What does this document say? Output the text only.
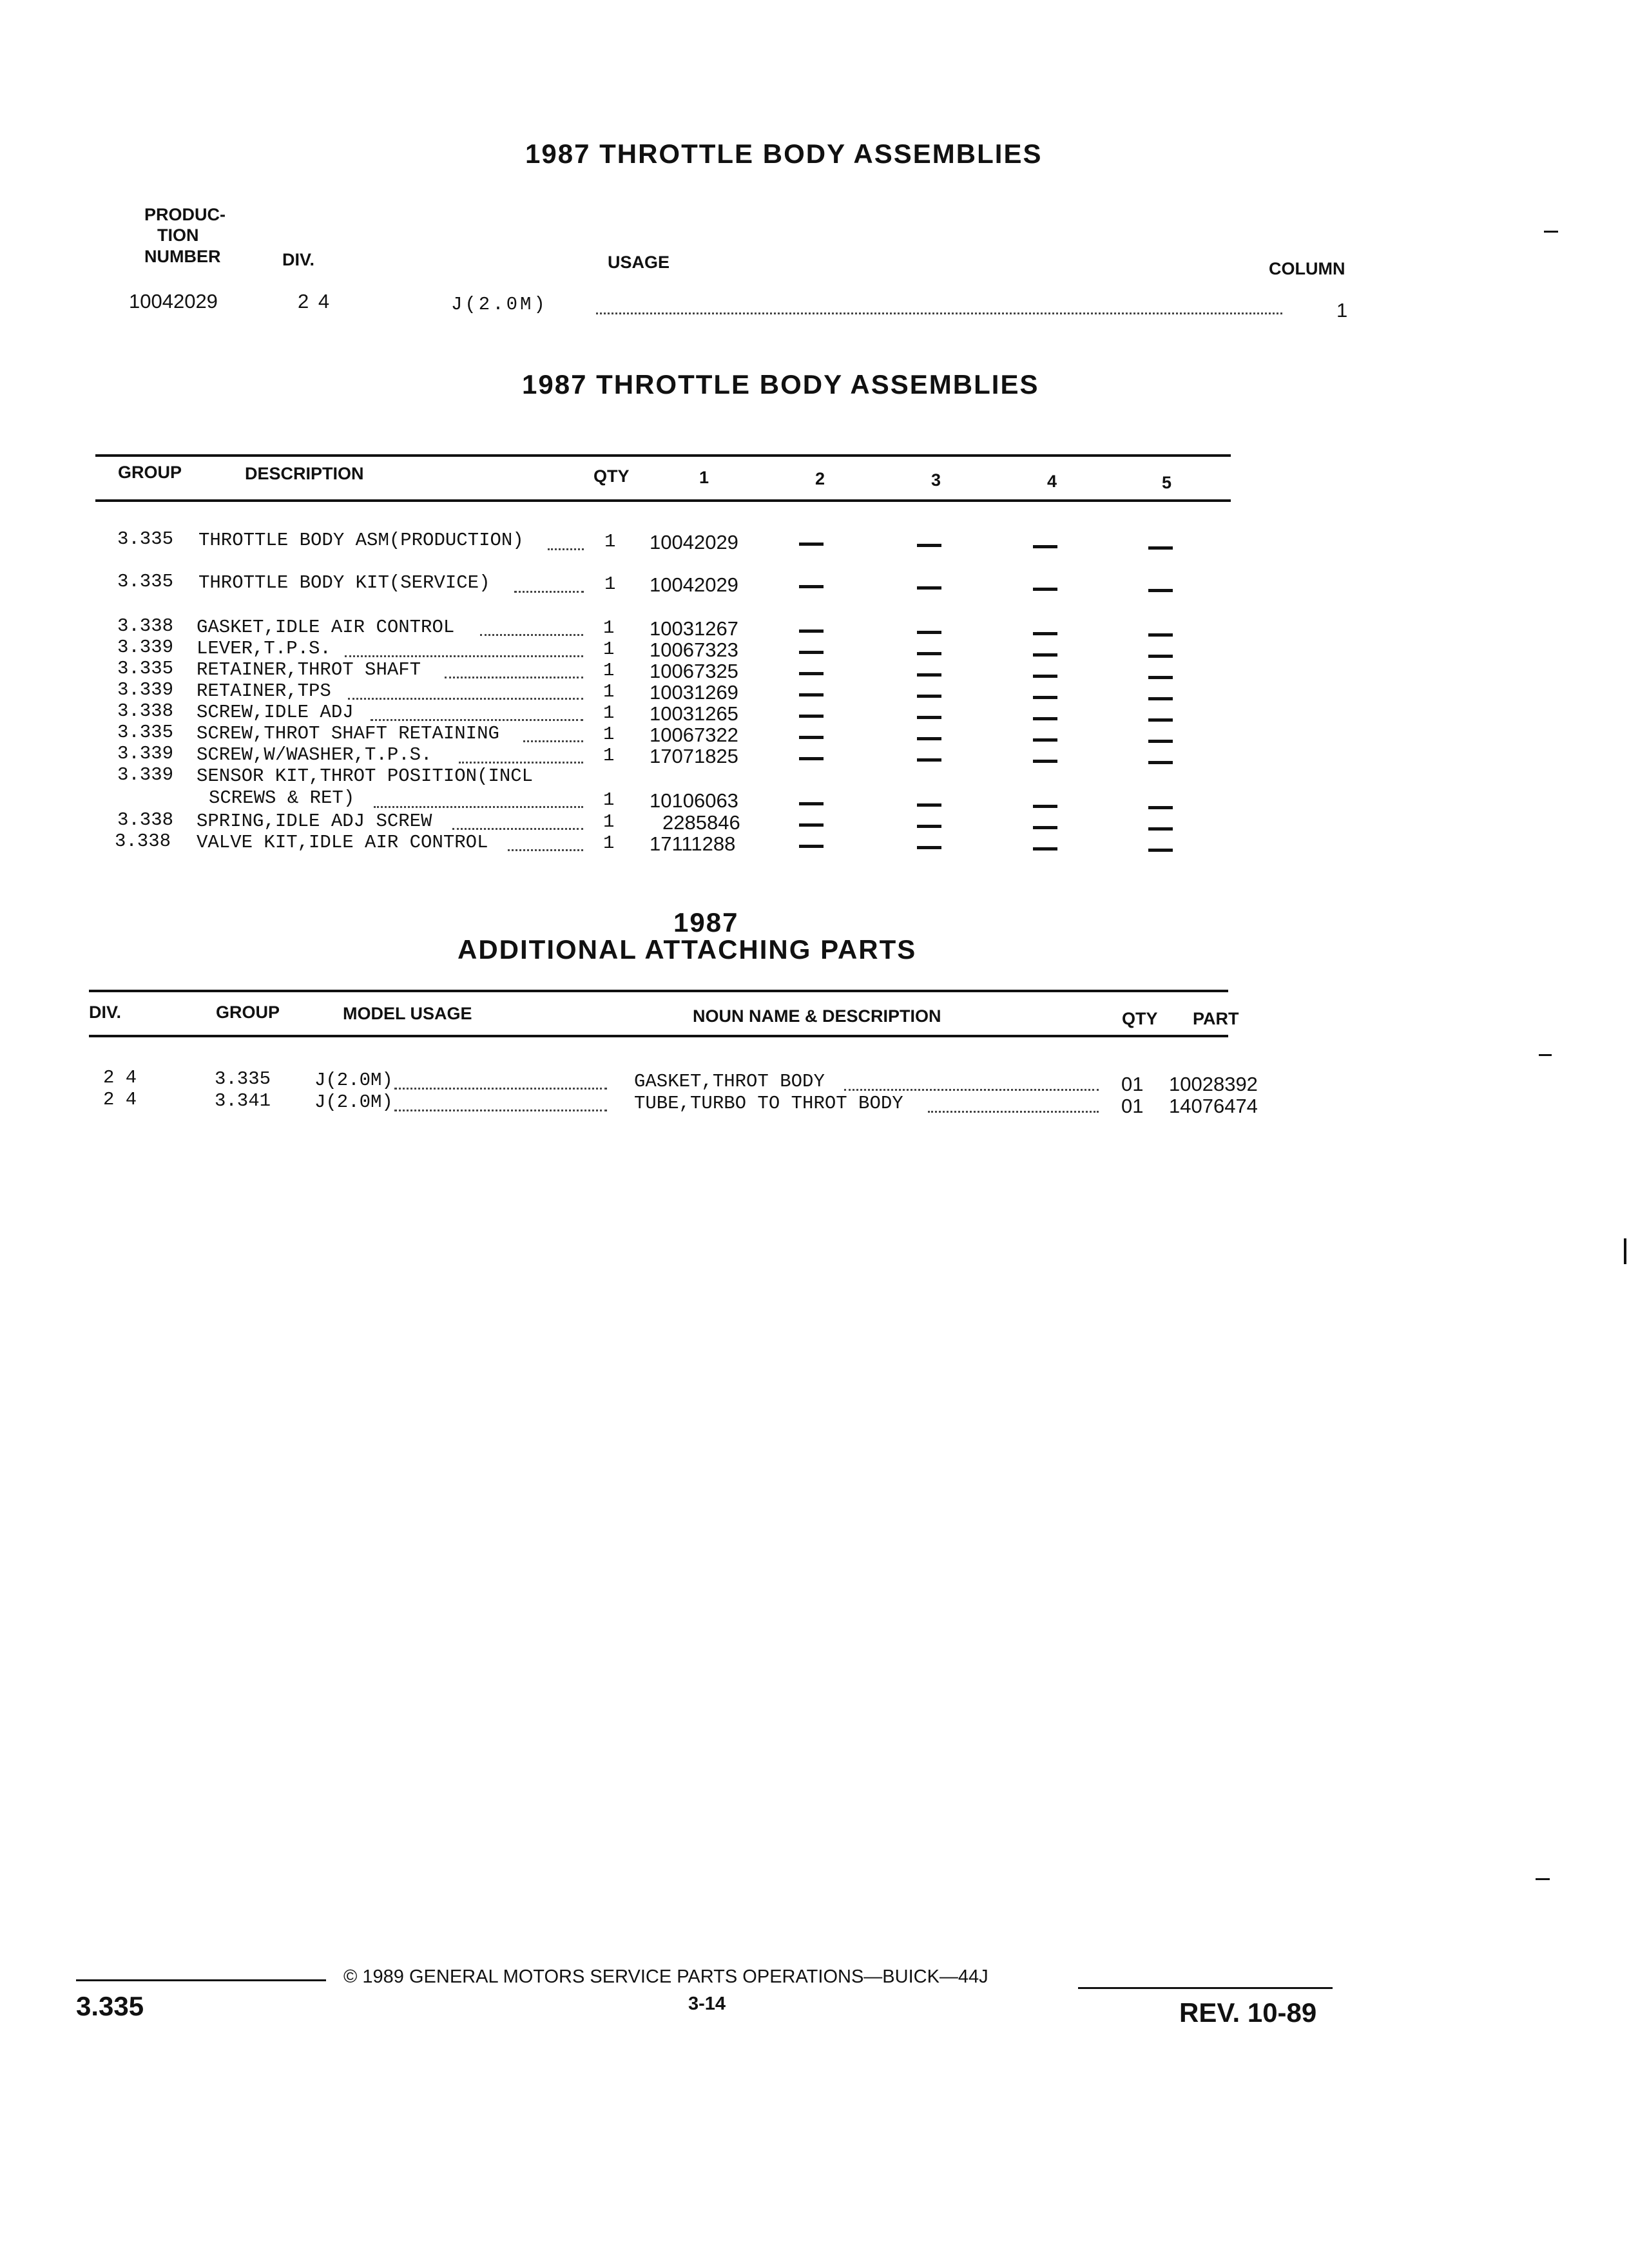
1987 THROTTLE BODY ASSEMBLIES
PRODUC-
TION
NUMBER	DIV.	USAGE	COLUMN
10042029	2 4	J(2.0M)	1
1987 THROTTLE BODY ASSEMBLIES
GROUP	DESCRIPTION	QTY	1	2	3	4	5
3.335 THROTTLE BODY ASM(PRODUCTION)	1 10042029
3.335 THROTTLE BODY KIT(SERVICE)	1 10042029
3.338 GASKET,IDLE AIR CONTROL	1 10031267
3.339 LEVER,T.P.S.	1 10067323
3.335 RETAINER,THROT SHAFT	1 10067325
3.339 RETAINER,TPS	1 10031269
3.338 SCREW,IDLE ADJ	1 10031265
3.335 SCREW,THROT SHAFT RETAINING	1 10067322
3.339 SCREW,W/WASHER,T.P.S.	1 17071825
3.339 SENSOR KIT,THROT POSITION(INCL
SCREWS & RET)	1 10106063
3.338 SPRING,IDLE ADJ SCREW	1 2285846
3.338 VALVE KIT,IDLE AIR CONTROL	1 17111288
1987
ADDITIONAL ATTACHING PARTS
DIV.	GROUP	MODEL USAGE	NOUN NAME & DESCRIPTION	QTY PART
2 4	3.335 J(2.0M)	GASKET,THROT BODY	01 10028392
2 4	3.341 J(2.0M)	TUBE,TURBO TO THROT BODY	01 14076474
© 1989 GENERAL MOTORS SERVICE PARTS OPERATIONS—BUICK—44J
3.335	3-14	REV. 10-89
